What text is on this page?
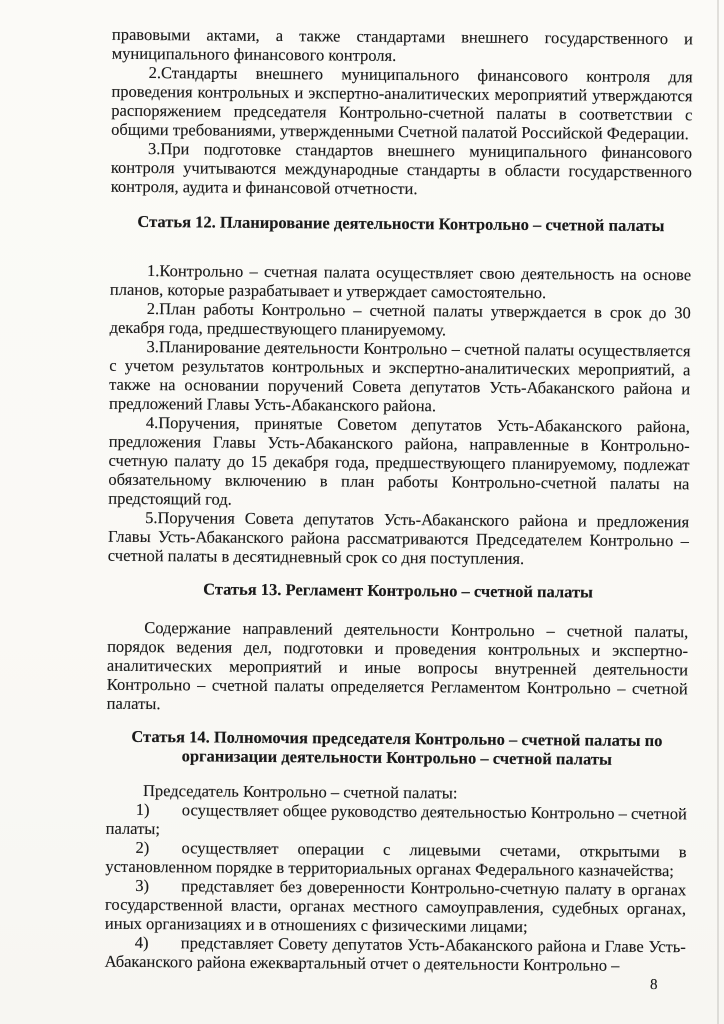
правовыми актами, а также стандартами внешнего государственного и муниципального финансового контроля.

2.Стандарты внешнего муниципального финансового контроля для проведения контрольных и экспертно-аналитических мероприятий утверждаются распоряжением председателя Контрольно-счетной палаты в соответствии с общими требованиями, утвержденными Счетной палатой Российской Федерации.

3.При подготовке стандартов внешнего муниципального финансового контроля учитываются международные стандарты в области государственного контроля, аудита и финансовой отчетности.

Статья 12. Планирование деятельности Контрольно – счетной палаты

1.Контрольно – счетная палата осуществляет свою деятельность на основе планов, которые разрабатывает и утверждает самостоятельно.

2.План работы Контрольно – счетной палаты утверждается в срок до 30 декабря года, предшествующего планируемому.

3.Планирование деятельности Контрольно – счетной палаты осуществляется с учетом результатов контрольных и экспертно-аналитических мероприятий, а также на основании поручений Совета депутатов Усть-Абаканского района и предложений Главы Усть-Абаканского района.

4.Поручения, принятые Советом депутатов Усть-Абаканского района, предложения Главы Усть-Абаканского района, направленные в Контрольно-счетную палату до 15 декабря года, предшествующего планируемому, подлежат обязательному включению в план работы Контрольно-счетной палаты на предстоящий год.

5.Поручения Совета депутатов Усть-Абаканского района и предложения Главы Усть-Абаканского района рассматриваются Председателем Контрольно – счетной палаты в десятидневный срок со дня поступления.

Статья 13. Регламент Контрольно – счетной палаты

Содержание направлений деятельности Контрольно – счетной палаты, порядок ведения дел, подготовки и проведения контрольных и экспертно-аналитических мероприятий и иные вопросы внутренней деятельности Контрольно – счетной палаты определяется Регламентом Контрольно – счетной палаты.

Статья 14. Полномочия председателя Контрольно – счетной палаты по организации деятельности Контрольно – счетной палаты

Председатель Контрольно – счетной палаты:

1) осуществляет общее руководство деятельностью Контрольно – счетной палаты;

2) осуществляет операции с лицевыми счетами, открытыми в установленном порядке в территориальных органах Федерального казначейства;

3) представляет без доверенности Контрольно-счетную палату в органах государственной власти, органах местного самоуправления, судебных органах, иных организациях и в отношениях с физическими лицами;

4) представляет Совету депутатов Усть-Абаканского района и Главе Усть-Абаканского района ежеквартальный отчет о деятельности Контрольно –

8
